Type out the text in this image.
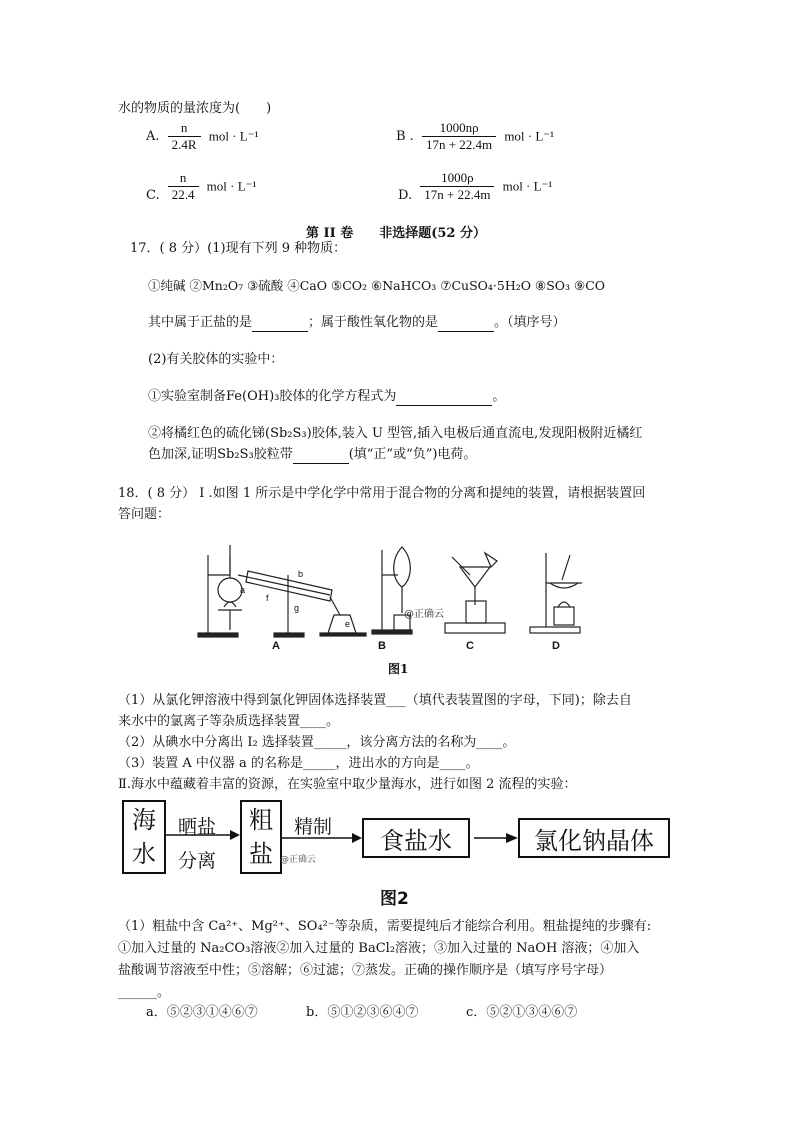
水的物质的量浓度为(　　)
A. $\frac{n}{2.4R}$ mol · L⁻¹	B . $\frac{1000n\rho}{17n + 22.4m}$ mol · L⁻¹
C. $\frac{n}{22.4}$ mol · L⁻¹
D. $\frac{1000\rho}{17n + 22.4m}$ mol · L⁻¹
第 II 卷　　非选择题(52 分）
17．( 8 分）(1)现有下列 9 种物质：
①纯碱 ②Mn₂O₇ ③硫酸 ④CaO ⑤CO₂ ⑥NaHCO₃ ⑦CuSO₄·5H₂O ⑧SO₃ ⑨CO
其中属于正盐的是	；属于酸性氧化物的是	。（填序号）
(2)有关胶体的实验中：
①实验室制备Fe(OH)₃胶体的化学方程式为	。
②将橘红色的硫化锑(Sb₂S₃)胶体,装入 U 型管,插入电极后通直流电,发现阳极附近橘红
色加深,证明Sb₂S₃胶粒带	(填“正”或“负”)电荷。
18．( 8 分） I .如图 1 所示是中学化学中常用于混合物的分离和提纯的装置，请根据装置回
答问题：
a
b
f
g
e
A	B	C	D
@正确云
图1
（1）从氯化钾溶液中得到氯化钾固体选择装置___（填代表装置图的字母，下同)；除去自
来水中的氯离子等杂质选择装置____。
（2）从碘水中分离出 I₂ 选择装置_____，该分离方法的名称为____。
（3）装置 A 中仪器 a 的名称是_____，进出水的方向是____。
Ⅱ.海水中蕴藏着丰富的资源，在实验室中取少量海水，进行如图 2 流程的实验：
海
水
晒盐
分离
粗
盐 @正确云
精制 食盐水	氯化钠晶体
图2
（1）粗盐中含 Ca²⁺、Mg²⁺、SO₄²⁻等杂质，需要提纯后才能综合利用。粗盐提纯的步骤有:
①加入过量的 Na₂CO₃溶液②加入过量的 BaCl₂溶液；③加入过量的 NaOH 溶液；④加入
盐酸调节溶液至中性；⑤溶解；⑥过滤；⑦蒸发。正确的操作顺序是（填写序号字母）
______。
a．⑤②③①④⑥⑦	b．⑤①②③⑥④⑦	c．⑤②①③④⑥⑦
